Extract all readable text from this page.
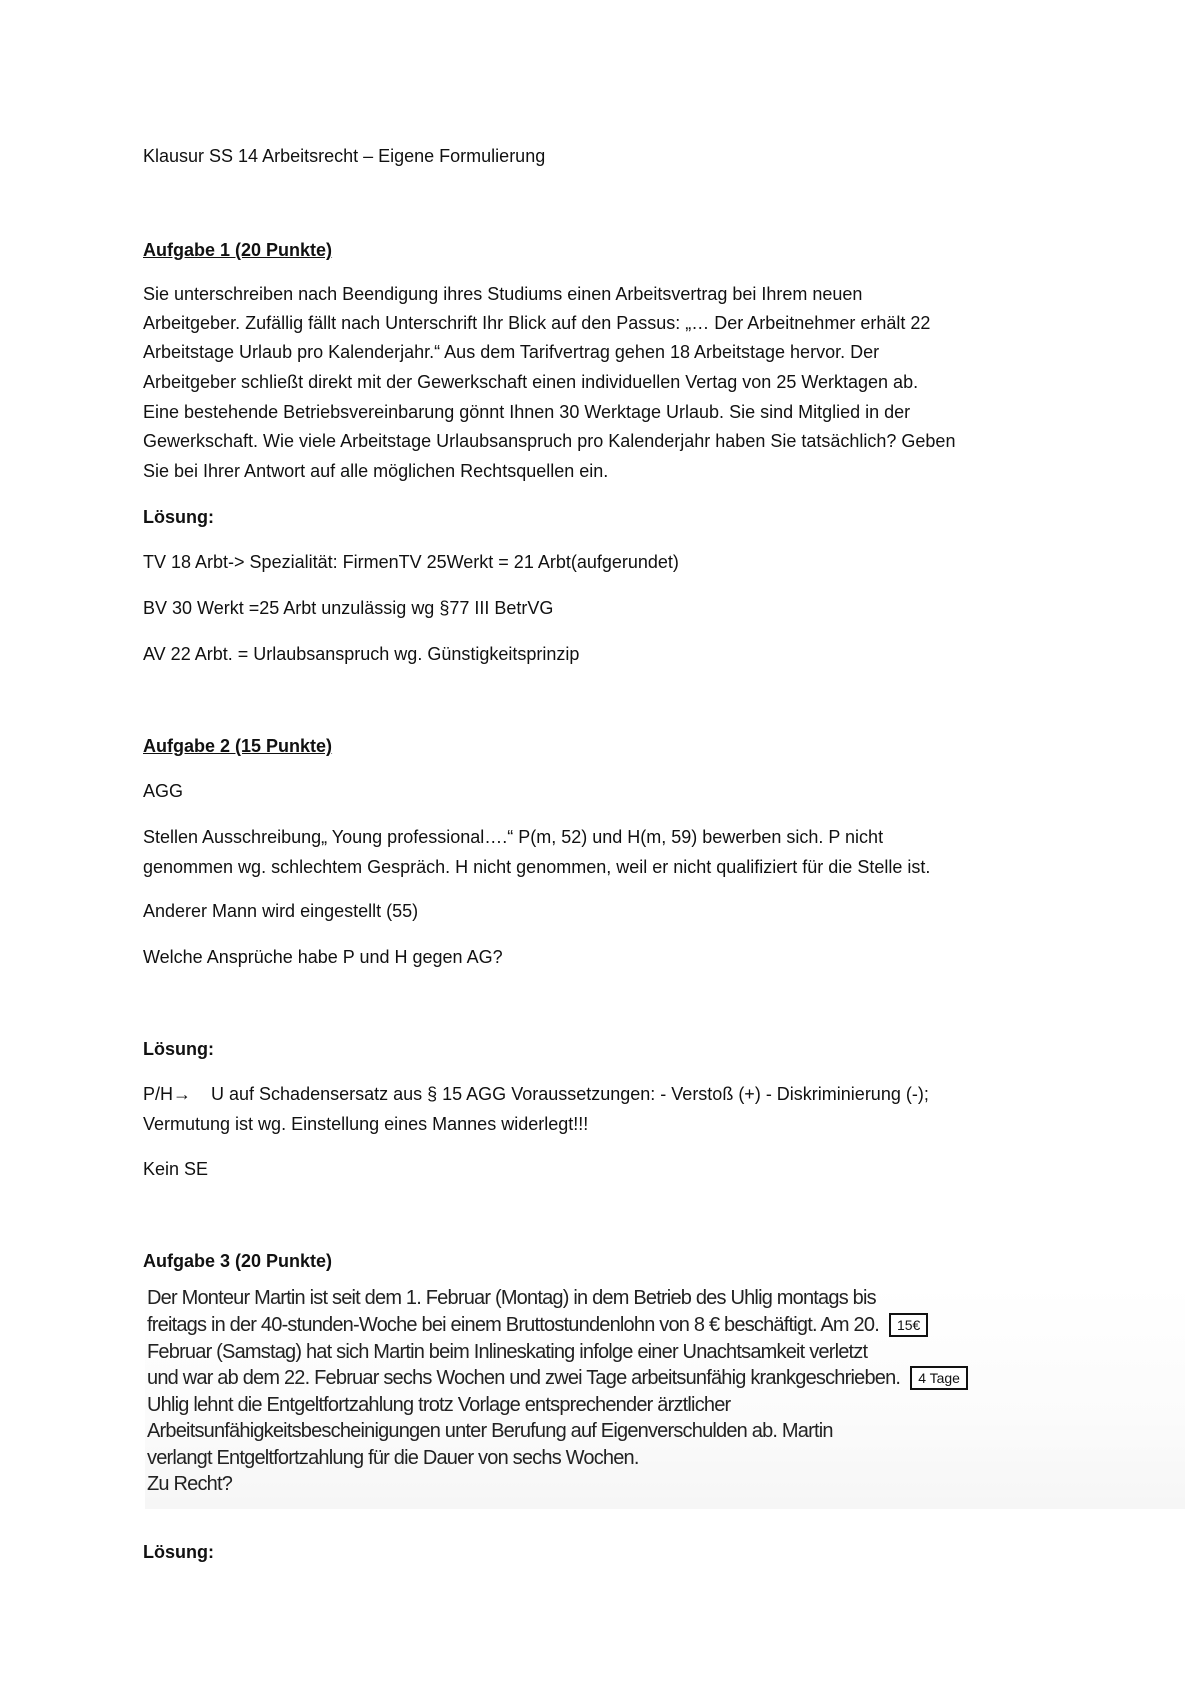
Klausur SS 14 Arbeitsrecht – Eigene Formulierung
Aufgabe 1 (20 Punkte)
Sie unterschreiben nach Beendigung ihres Studiums einen Arbeitsvertrag bei Ihrem neuen
Arbeitgeber. Zufällig fällt nach Unterschrift Ihr Blick auf den Passus: „… Der Arbeitnehmer erhält 22
Arbeitstage Urlaub pro Kalenderjahr.“ Aus dem Tarifvertrag gehen 18 Arbeitstage hervor. Der
Arbeitgeber schließt direkt mit der Gewerkschaft einen individuellen Vertag von 25 Werktagen ab.
Eine bestehende Betriebsvereinbarung gönnt Ihnen 30 Werktage Urlaub. Sie sind Mitglied in der
Gewerkschaft. Wie viele Arbeitstage Urlaubsanspruch pro Kalenderjahr haben Sie tatsächlich? Geben
Sie bei Ihrer Antwort auf alle möglichen Rechtsquellen ein.
Lösung:
TV 18 Arbt-> Spezialität: FirmenTV 25Werkt = 21 Arbt(aufgerundet)
BV 30 Werkt =25 Arbt unzulässig wg §77 III BetrVG
AV 22 Arbt. = Urlaubsanspruch wg. Günstigkeitsprinzip
Aufgabe 2 (15 Punkte)
AGG
Stellen Ausschreibung„ Young professional….“ P(m, 52) und H(m, 59) bewerben sich. P nicht
genommen wg. schlechtem Gespräch. H nicht genommen, weil er nicht qualifiziert für die Stelle ist.
Anderer Mann wird eingestellt (55)
Welche Ansprüche habe P und H gegen AG?
Lösung:
P/H → U auf Schadensersatz aus § 15 AGG Voraussetzungen: - Verstoß (+) - Diskriminierung (-);
Vermutung ist wg. Einstellung eines Mannes widerlegt!!!
Kein SE
Aufgabe 3 (20 Punkte)
Der Monteur Martin ist seit dem 1. Februar (Montag) in dem Betrieb des Uhlig montags bis
freitags in der 40-stunden-Woche bei einem Bruttostundenlohn von 8 € beschäftigt. Am 20.	15€
Februar (Samstag) hat sich Martin beim Inlineskating infolge einer Unachtsamkeit verletzt
und war ab dem 22. Februar sechs Wochen und zwei Tage arbeitsunfähig krankgeschrieben.	4 Tage
Uhlig lehnt die Entgeltfortzahlung trotz Vorlage entsprechender ärztlicher
Arbeitsunfähigkeitsbescheinigungen unter Berufung auf Eigenverschulden ab. Martin
verlangt Entgeltfortzahlung für die Dauer von sechs Wochen.
Zu Recht?
Lösung:
